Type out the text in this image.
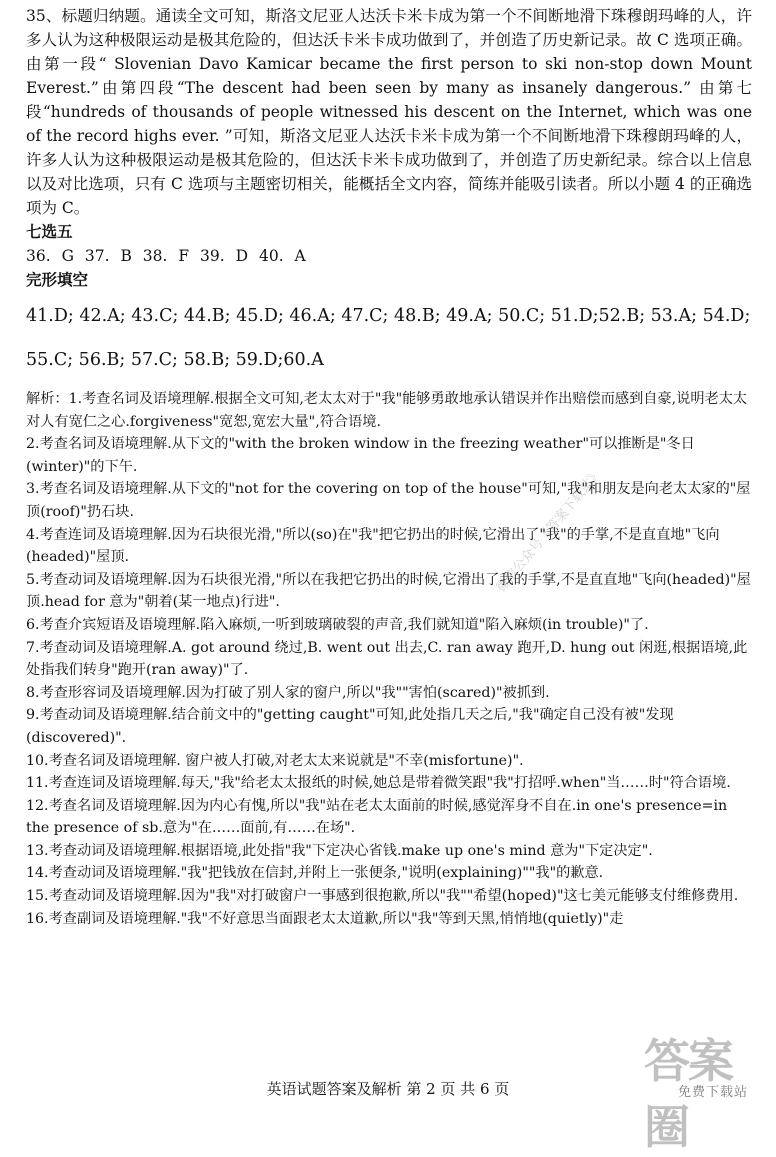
35、标题归纳题。通读全文可知，斯洛文尼亚人达沃卡米卡成为第一个不间断地滑下珠穆朗玛峰的人，许多人认为这种极限运动是极其危险的，但达沃卡米卡成功做到了，并创造了历史新记录。故 C 选项正确。由第一段“ Slovenian Davo Kamicar became the first person to ski non-stop down Mount Everest.”由第四段“The descent had been seen by many as insanely dangerous.” 由第七段“hundreds of thousands of people witnessed his descent on the Internet, which was one of the record highs ever. ”可知，斯洛文尼亚人达沃卡米卡成为第一个不间断地滑下珠穆朗玛峰的人，许多人认为这种极限运动是极其危险的，但达沃卡米卡成功做到了，并创造了历史新纪录。综合以上信息以及对比选项，只有 C 选项与主题密切相关，能概括全文内容，简练并能吸引读者。所以小题 4 的正确选项为 C。
七选五
36. G 37. B 38. F 39. D 40. A
完形填空
41.D; 42.A; 43.C; 44.B; 45.D; 46.A; 47.C; 48.B; 49.A; 50.C; 51.D;52.B; 53.A; 54.D;
55.C; 56.B; 57.C; 58.B; 59.D;60.A

解析：1.考查名词及语境理解.根据全文可知,老太太对于"我"能够勇敢地承认错误并作出赔偿而感到自豪,说明老太太对人有宽仁之心.forgiveness"宽恕,宽宏大量",符合语境.

2.考查名词及语境理解.从下文的"with the broken window in the freezing weather"可以推断是"冬日(winter)"的下午.

3.考查名词及语境理解.从下文的"not for the covering on top of the house"可知,"我"和朋友是向老太太家的"屋顶(roof)"扔石块.

4.考查连词及语境理解.因为石块很光滑,"所以(so)在"我"把它扔出的时候,它滑出了"我"的手掌,不是直直地"飞向(headed)"屋顶.

5.考查动词及语境理解.因为石块很光滑,"所以在我把它扔出的时候,它滑出了我的手掌,不是直直地"飞向(headed)"屋顶.head for 意为"朝着(某一地点)行进".

6.考查介宾短语及语境理解.陷入麻烦,一听到玻璃破裂的声音,我们就知道"陷入麻烦(in trouble)"了.

7.考查动词及语境理解.A. got around 绕过,B. went out 出去,C. ran away 跑开,D. hung out 闲逛,根据语境,此处指我们转身"跑开(ran away)"了.

8.考查形容词及语境理解.因为打破了别人家的窗户,所以"我""害怕(scared)"被抓到.

9.考查动词及语境理解.结合前文中的"getting caught"可知,此处指几天之后,"我"确定自己没有被"发现(discovered)".

10.考查名词及语境理解. 窗户被人打破,对老太太来说就是"不幸(misfortune)".

11.考查连词及语境理解.每天,"我"给老太太报纸的时候,她总是带着微笑跟"我"打招呼.when"当……时"符合语境.

12.考查名词及语境理解.因为内心有愧,所以"我"站在老太太面前的时候,感觉浑身不自在.in one's presence=in the presence of sb.意为"在……面前,有……在场".

13.考查动词及语境理解.根据语境,此处指"我"下定决心省钱.make up one's mind 意为"下定决定".

14.考查动词及语境理解."我"把钱放在信封,并附上一张便条,"说明(explaining)""我"的歉意.

15.考查动词及语境理解.因为"我"对打破窗户一事感到很抱歉,所以"我""希望(hoped)"这七美元能够支付维修费用.

16.考查副词及语境理解."我"不好意思当面跟老太太道歉,所以"我"等到天黑,悄悄地(quietly)"走

微信公众号《答案下载站》
英语试题答案及解析 第 2 页 共 6 页
答案圈
免费下载站
